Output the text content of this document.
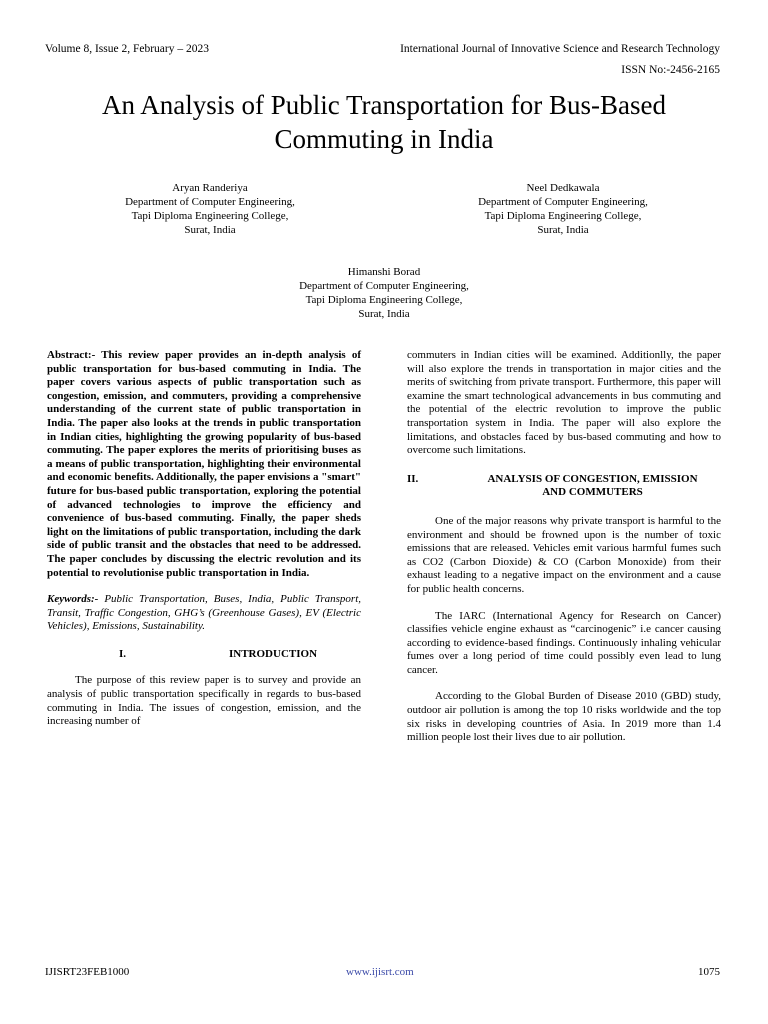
Volume 8, Issue 2, February – 2023	International Journal of Innovative Science and Research Technology
ISSN No:-2456-2165
An Analysis of Public Transportation for Bus-Based
Commuting in India
Aryan Randeriya
Department of Computer Engineering,
Tapi Diploma Engineering College,
Surat, India
Neel Dedkawala
Department of Computer Engineering,
Tapi Diploma Engineering College,
Surat, India
Himanshi Borad
Department of Computer Engineering,
Tapi Diploma Engineering College,
Surat, India

Abstract:- This review paper provides an in-depth analysis of public transportation for bus-based commuting in India. The paper covers various aspects of public transportation such as congestion, emission, and commuters, providing a comprehensive understanding of the current state of public transportation in India. The paper also looks at the trends in public transportation in Indian cities, highlighting the growing popularity of bus-based commuting. The paper explores the merits of prioritising buses as a means of public transportation, highlighting their environmental and economic benefits. Additionally, the paper envisions a "smart" future for bus-based public transportation, exploring the potential of advanced technologies to improve the efficiency and convenience of bus-based commuting. Finally, the paper sheds light on the limitations of public transportation, including the dark side of public transit and the obstacles that need to be addressed. The paper concludes by discussing the electric revolution and its potential to revolutionise public transportation in India.

Keywords:- Public Transportation, Buses, India, Public Transport, Transit, Traffic Congestion, GHG’s (Greenhouse Gases), EV (Electric Vehicles), Emissions, Sustainability.

I.	INTRODUCTION

The purpose of this review paper is to survey and provide an analysis of public transportation specifically in regards to bus-based commuting in India. The issues of congestion, emission, and the increasing number of

commuters in Indian cities will be examined. Additionlly, the paper will also explore the trends in transportation in major cities and the merits of switching from private transport. Furthermore, this paper will examine the smart technological advancements in bus commuting and the potential of the electric revolution to improve the public transportation system in India. The paper will also explore the limitations, and obstacles faced by bus-based commuting and how to overcome such limitations.

II.	ANALYSIS OF CONGESTION, EMISSION
AND COMMUTERS

One of the major reasons why private transport is harmful to the environment and should be frowned upon is the number of toxic emissions that are released. Vehicles emit various harmful fumes such as CO2 (Carbon Dioxide) & CO (Carbon Monoxide) from their exhaust leading to a negative impact on the environment and a cause for public health concerns.

The IARC (International Agency for Research on Cancer) classifies vehicle engine exhaust as “carcinogenic” i.e cancer causing according to evidence-based findings. Continuously inhaling vehicular fumes over a long period of time could possibly even lead to lung cancer.

According to the Global Burden of Disease 2010 (GBD) study, outdoor air pollution is among the top 10 risks worldwide and the top six risks in developing countries of Asia. In 2019 more than 1.4 million people lost their lives due to air pollution.

IJISRT23FEB1000	www.ijisrt.com	1075
